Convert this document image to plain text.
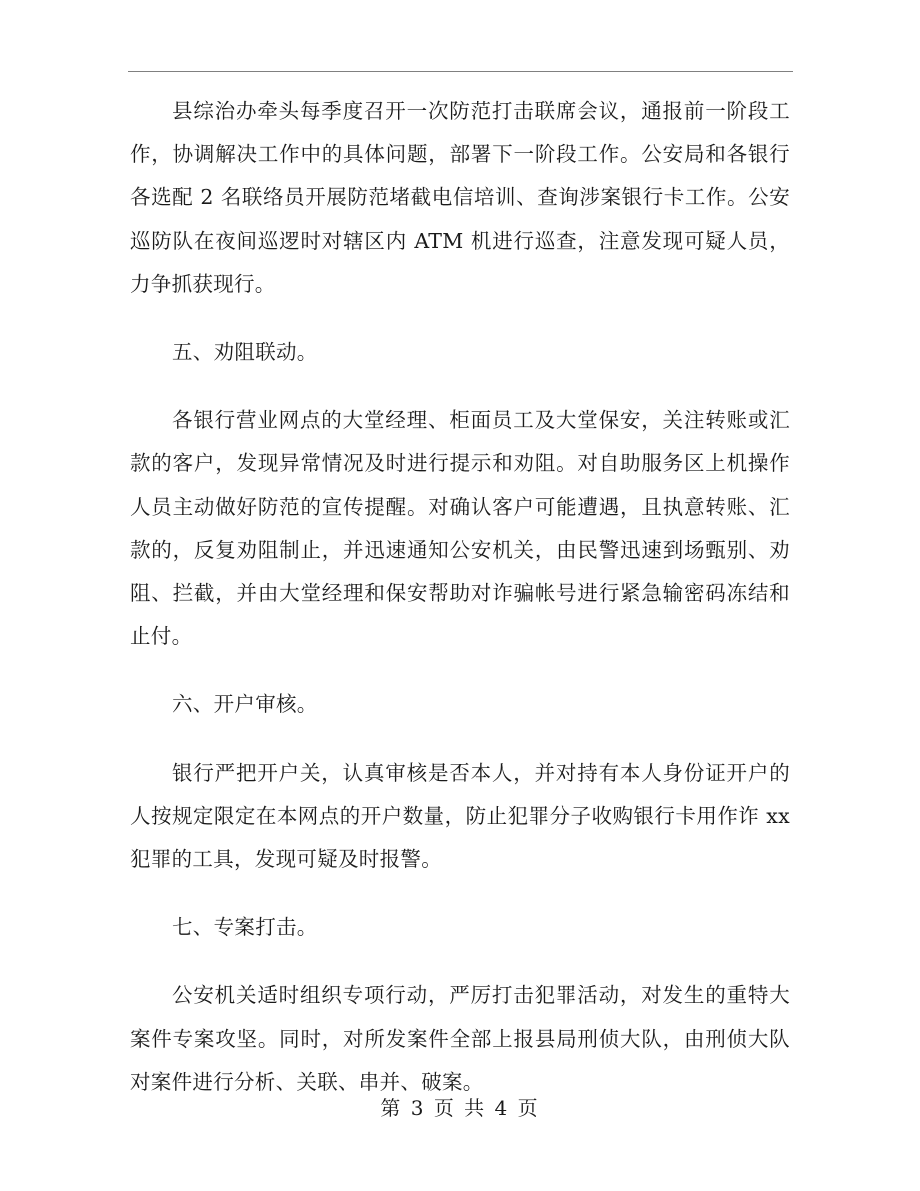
县综治办牵头每季度召开一次防范打击联席会议，通报前一阶段工作，协调解决工作中的具体问题，部署下一阶段工作。公安局和各银行各选配 2 名联络员开展防范堵截电信培训、查询涉案银行卡工作。公安巡防队在夜间巡逻时对辖区内 ATM 机进行巡查，注意发现可疑人员，力争抓获现行。

五、劝阻联动。

各银行营业网点的大堂经理、柜面员工及大堂保安，关注转账或汇款的客户，发现异常情况及时进行提示和劝阻。对自助服务区上机操作人员主动做好防范的宣传提醒。对确认客户可能遭遇，且执意转账、汇款的，反复劝阻制止，并迅速通知公安机关，由民警迅速到场甄别、劝阻、拦截，并由大堂经理和保安帮助对诈骗帐号进行紧急输密码冻结和止付。

六、开户审核。

银行严把开户关，认真审核是否本人，并对持有本人身份证开户的人按规定限定在本网点的开户数量，防止犯罪分子收购银行卡用作诈 xx 犯罪的工具，发现可疑及时报警。

七、专案打击。

公安机关适时组织专项行动，严厉打击犯罪活动，对发生的重特大案件专案攻坚。同时，对所发案件全部上报县局刑侦大队，由刑侦大队对案件进行分析、关联、串并、破案。

第 3 页 共 4 页
